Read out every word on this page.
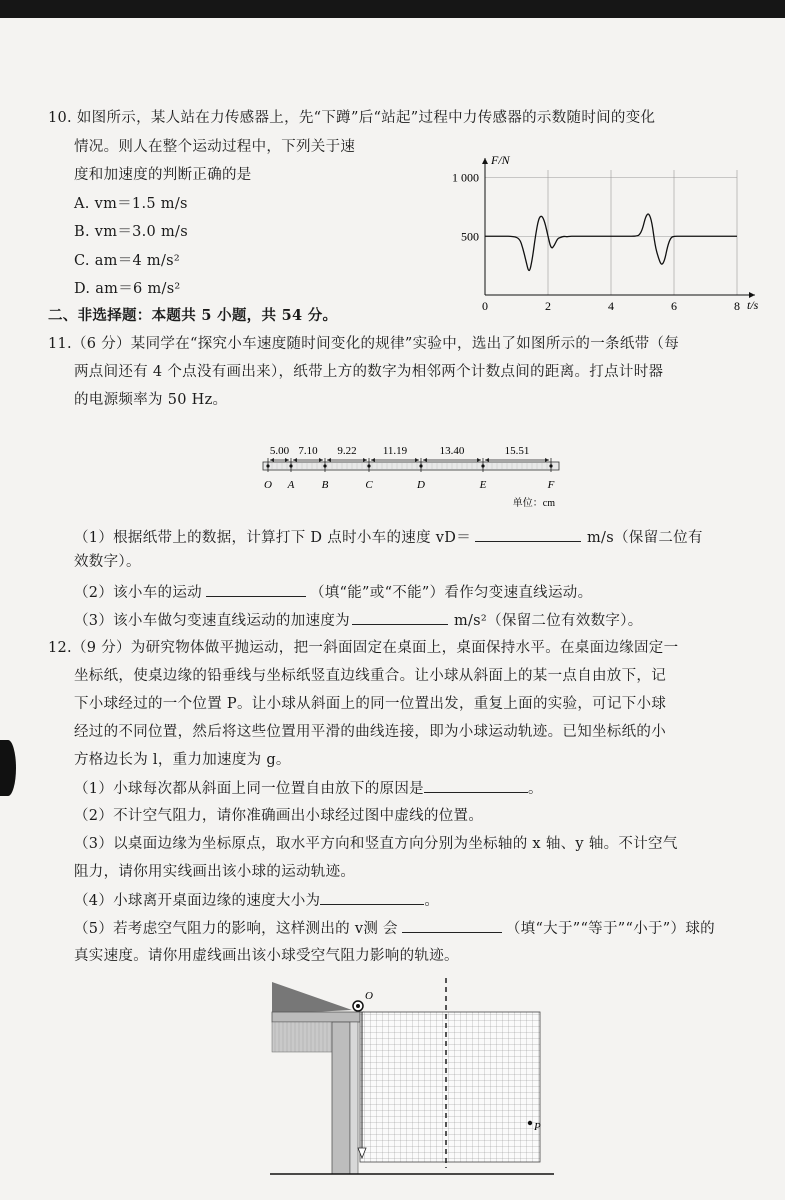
10. 如图所示，某人站在力传感器上，先“下蹲”后“站起”过程中力传感器的示数随时间的变化
情况。则人在整个运动过程中，下列关于速
度和加速度的判断正确的是
A. vm＝1.5 m/s
B. vm＝3.0 m/s
C. am＝4 m/s²
D. am＝6 m/s²
0	2	4	6	8
500
1 000
t/s
F/N
二、非选择题：本题共 5 小题，共 54 分。
11.（6 分）某同学在“探究小车速度随时间变化的规律”实验中，选出了如图所示的一条纸带（每
两点间还有 4 个点没有画出来），纸带上方的数字为相邻两个计数点间的距离。打点计时器
的电源频率为 50 Hz。
O A B	C	D	E	F
5.00 7.10 9.22 11.19	13.40	15.51
单位：cm
（1）根据纸带上的数据，计算打下 D 点时小车的速度 vD＝	m/s（保留二位有
效数字）。
（2）该小车的运动	（填“能”或“不能”）看作匀变速直线运动。
（3）该小车做匀变速直线运动的加速度为	m/s²（保留二位有效数字）。
12.（9 分）为研究物体做平抛运动，把一斜面固定在桌面上，桌面保持水平。在桌面边缘固定一
坐标纸，使桌边缘的铅垂线与坐标纸竖直边线重合。让小球从斜面上的某一点自由放下，记
下小球经过的一个位置 P。让小球从斜面上的同一位置出发，重复上面的实验，可记下小球
经过的不同位置，然后将这些位置用平滑的曲线连接，即为小球运动轨迹。已知坐标纸的小
方格边长为 l，重力加速度为 g。
（1）小球每次都从斜面上同一位置自由放下的原因是	。
（2）不计空气阻力，请你准确画出小球经过图中虚线的位置。
（3）以桌面边缘为坐标原点，取水平方向和竖直方向分别为坐标轴的 x 轴、y 轴。不计空气
阻力，请你用实线画出该小球的运动轨迹。
（4）小球离开桌面边缘的速度大小为	。
（5）若考虑空气阻力的影响，这样测出的 v测 会	（填“大于”“等于”“小于”）球的
真实速度。请你用虚线画出该小球受空气阻力影响的轨迹。
O
P
